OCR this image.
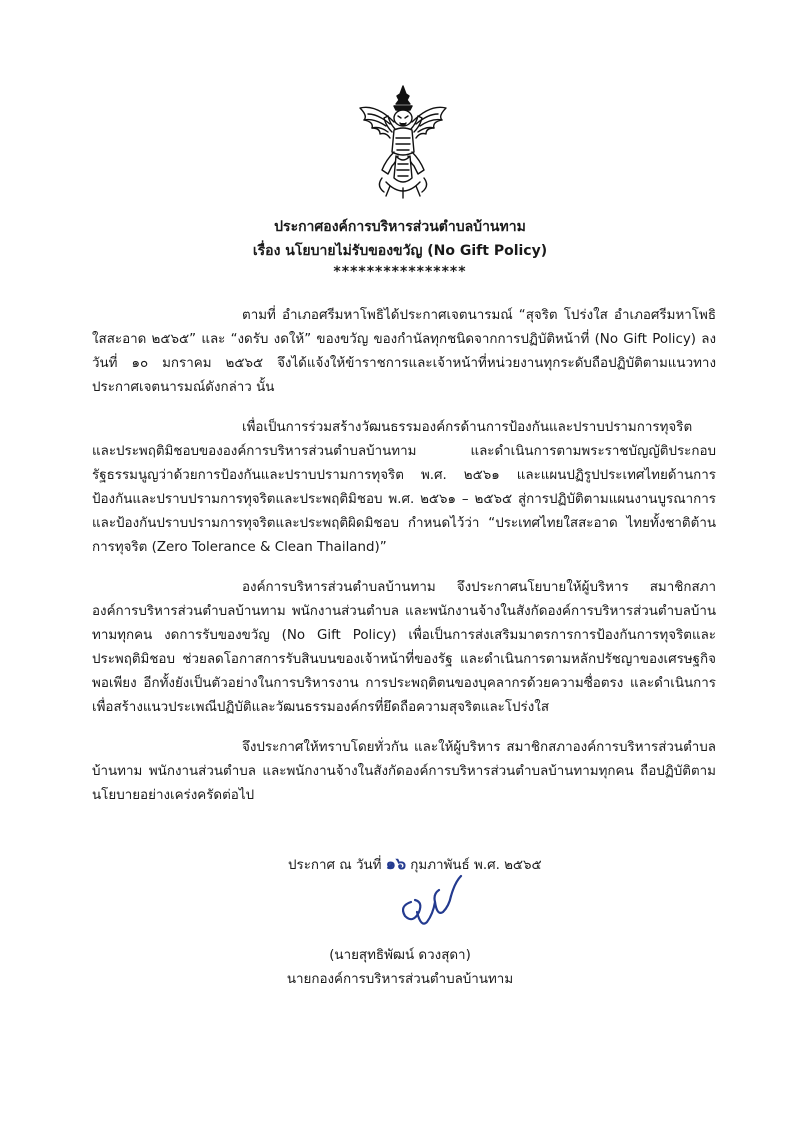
ประกาศองค์การบริหารส่วนตำบลบ้านทาม
เรื่อง นโยบายไม่รับของขวัญ (No Gift Policy)
****************

ตามที่ อำเภอศรีมหาโพธิได้ประกาศเจตนารมณ์ “สุจริต โปร่งใส อำเภอศรีมหาโพธิ ใสสะอาด ๒๕๖๕” และ “งดรับ งดให้” ของขวัญ ของกำนัลทุกชนิดจากการปฏิบัติหน้าที่ (No Gift Policy) ลงวันที่ ๑๐ มกราคม ๒๕๖๕ จึงได้แจ้งให้ข้าราชการและเจ้าหน้าที่หน่วยงานทุกระดับถือปฏิบัติตามแนวทางประกาศเจตนารมณ์ดังกล่าว นั้น

เพื่อเป็นการร่วมสร้างวัฒนธรรมองค์กรด้านการป้องกันและปราบปรามการทุจริตและประพฤติมิชอบขององค์การบริหารส่วนตำบลบ้านทาม และดำเนินการตามพระราชบัญญัติประกอบรัฐธรรมนูญว่าด้วยการป้องกันและปราบปรามการทุจริต พ.ศ. ๒๕๖๑ และแผนปฏิรูปประเทศไทยด้านการป้องกันและปราบปรามการทุจริตและประพฤติมิชอบ พ.ศ. ๒๕๖๑ – ๒๕๖๕ สู่การปฏิบัติตามแผนงานบูรณาการและป้องกันปราบปรามการทุจริตและประพฤติผิดมิชอบ กำหนดไว้ว่า “ประเทศไทยใสสะอาด ไทยทั้งชาติต้านการทุจริต (Zero Tolerance & Clean Thailand)”

องค์การบริหารส่วนตำบลบ้านทาม จึงประกาศนโยบายให้ผู้บริหาร สมาชิกสภาองค์การบริหารส่วนตำบลบ้านทาม พนักงานส่วนตำบล และพนักงานจ้างในสังกัดองค์การบริหารส่วนตำบลบ้านทามทุกคน งดการรับของขวัญ (No Gift Policy) เพื่อเป็นการส่งเสริมมาตรการการป้องกันการทุจริตและประพฤติมิชอบ ช่วยลดโอกาสการรับสินบนของเจ้าหน้าที่ของรัฐ และดำเนินการตามหลักปรัชญาของเศรษฐกิจพอเพียง อีกทั้งยังเป็นตัวอย่างในการบริหารงาน การประพฤติตนของบุคลากรด้วยความซื่อตรง และดำเนินการเพื่อสร้างแนวประเพณีปฏิบัติและวัฒนธรรมองค์กรที่ยึดถือความสุจริตและโปร่งใส

จึงประกาศให้ทราบโดยทั่วกัน และให้ผู้บริหาร สมาชิกสภาองค์การบริหารส่วนตำบลบ้านทาม พนักงานส่วนตำบล และพนักงานจ้างในสังกัดองค์การบริหารส่วนตำบลบ้านทามทุกคน ถือปฏิบัติตามนโยบายอย่างเคร่งครัดต่อไป

ประกาศ ณ วันที่ ๑๖ กุมภาพันธ์ พ.ศ. ๒๕๖๕
(นายสุทธิพัฒน์ ดวงสุดา)
นายกองค์การบริหารส่วนตำบลบ้านทาม
